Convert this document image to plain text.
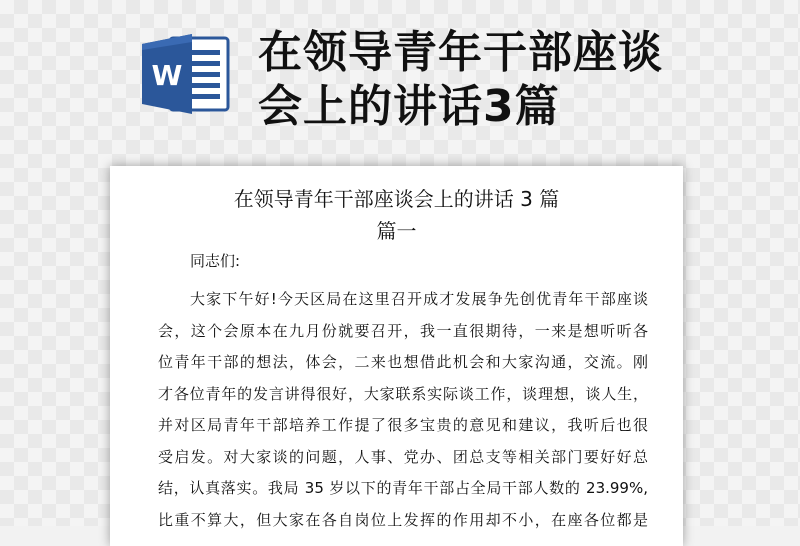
W 在领导青年干部座谈
会上的讲话3篇
在领导青年干部座谈会上的讲话 3 篇
篇一

同志们:

大家下午好!今天区局在这里召开成才发展争先创优青年干部座谈
会，这个会原本在九月份就要召开，我一直很期待，一来是想听听各
位青年干部的想法，体会，二来也想借此机会和大家沟通，交流。刚
才各位青年的发言讲得很好，大家联系实际谈工作，谈理想，谈人生，
并对区局青年干部培养工作提了很多宝贵的意见和建议，我听后也很
受启发。对大家谈的问题，人事、党办、团总支等相关部门要好好总
结，认真落实。我局 35 岁以下的青年干部占全局干部人数的 23.99%,
比重不算大，但大家在各自岗位上发挥的作用却不小，在座各位都是
